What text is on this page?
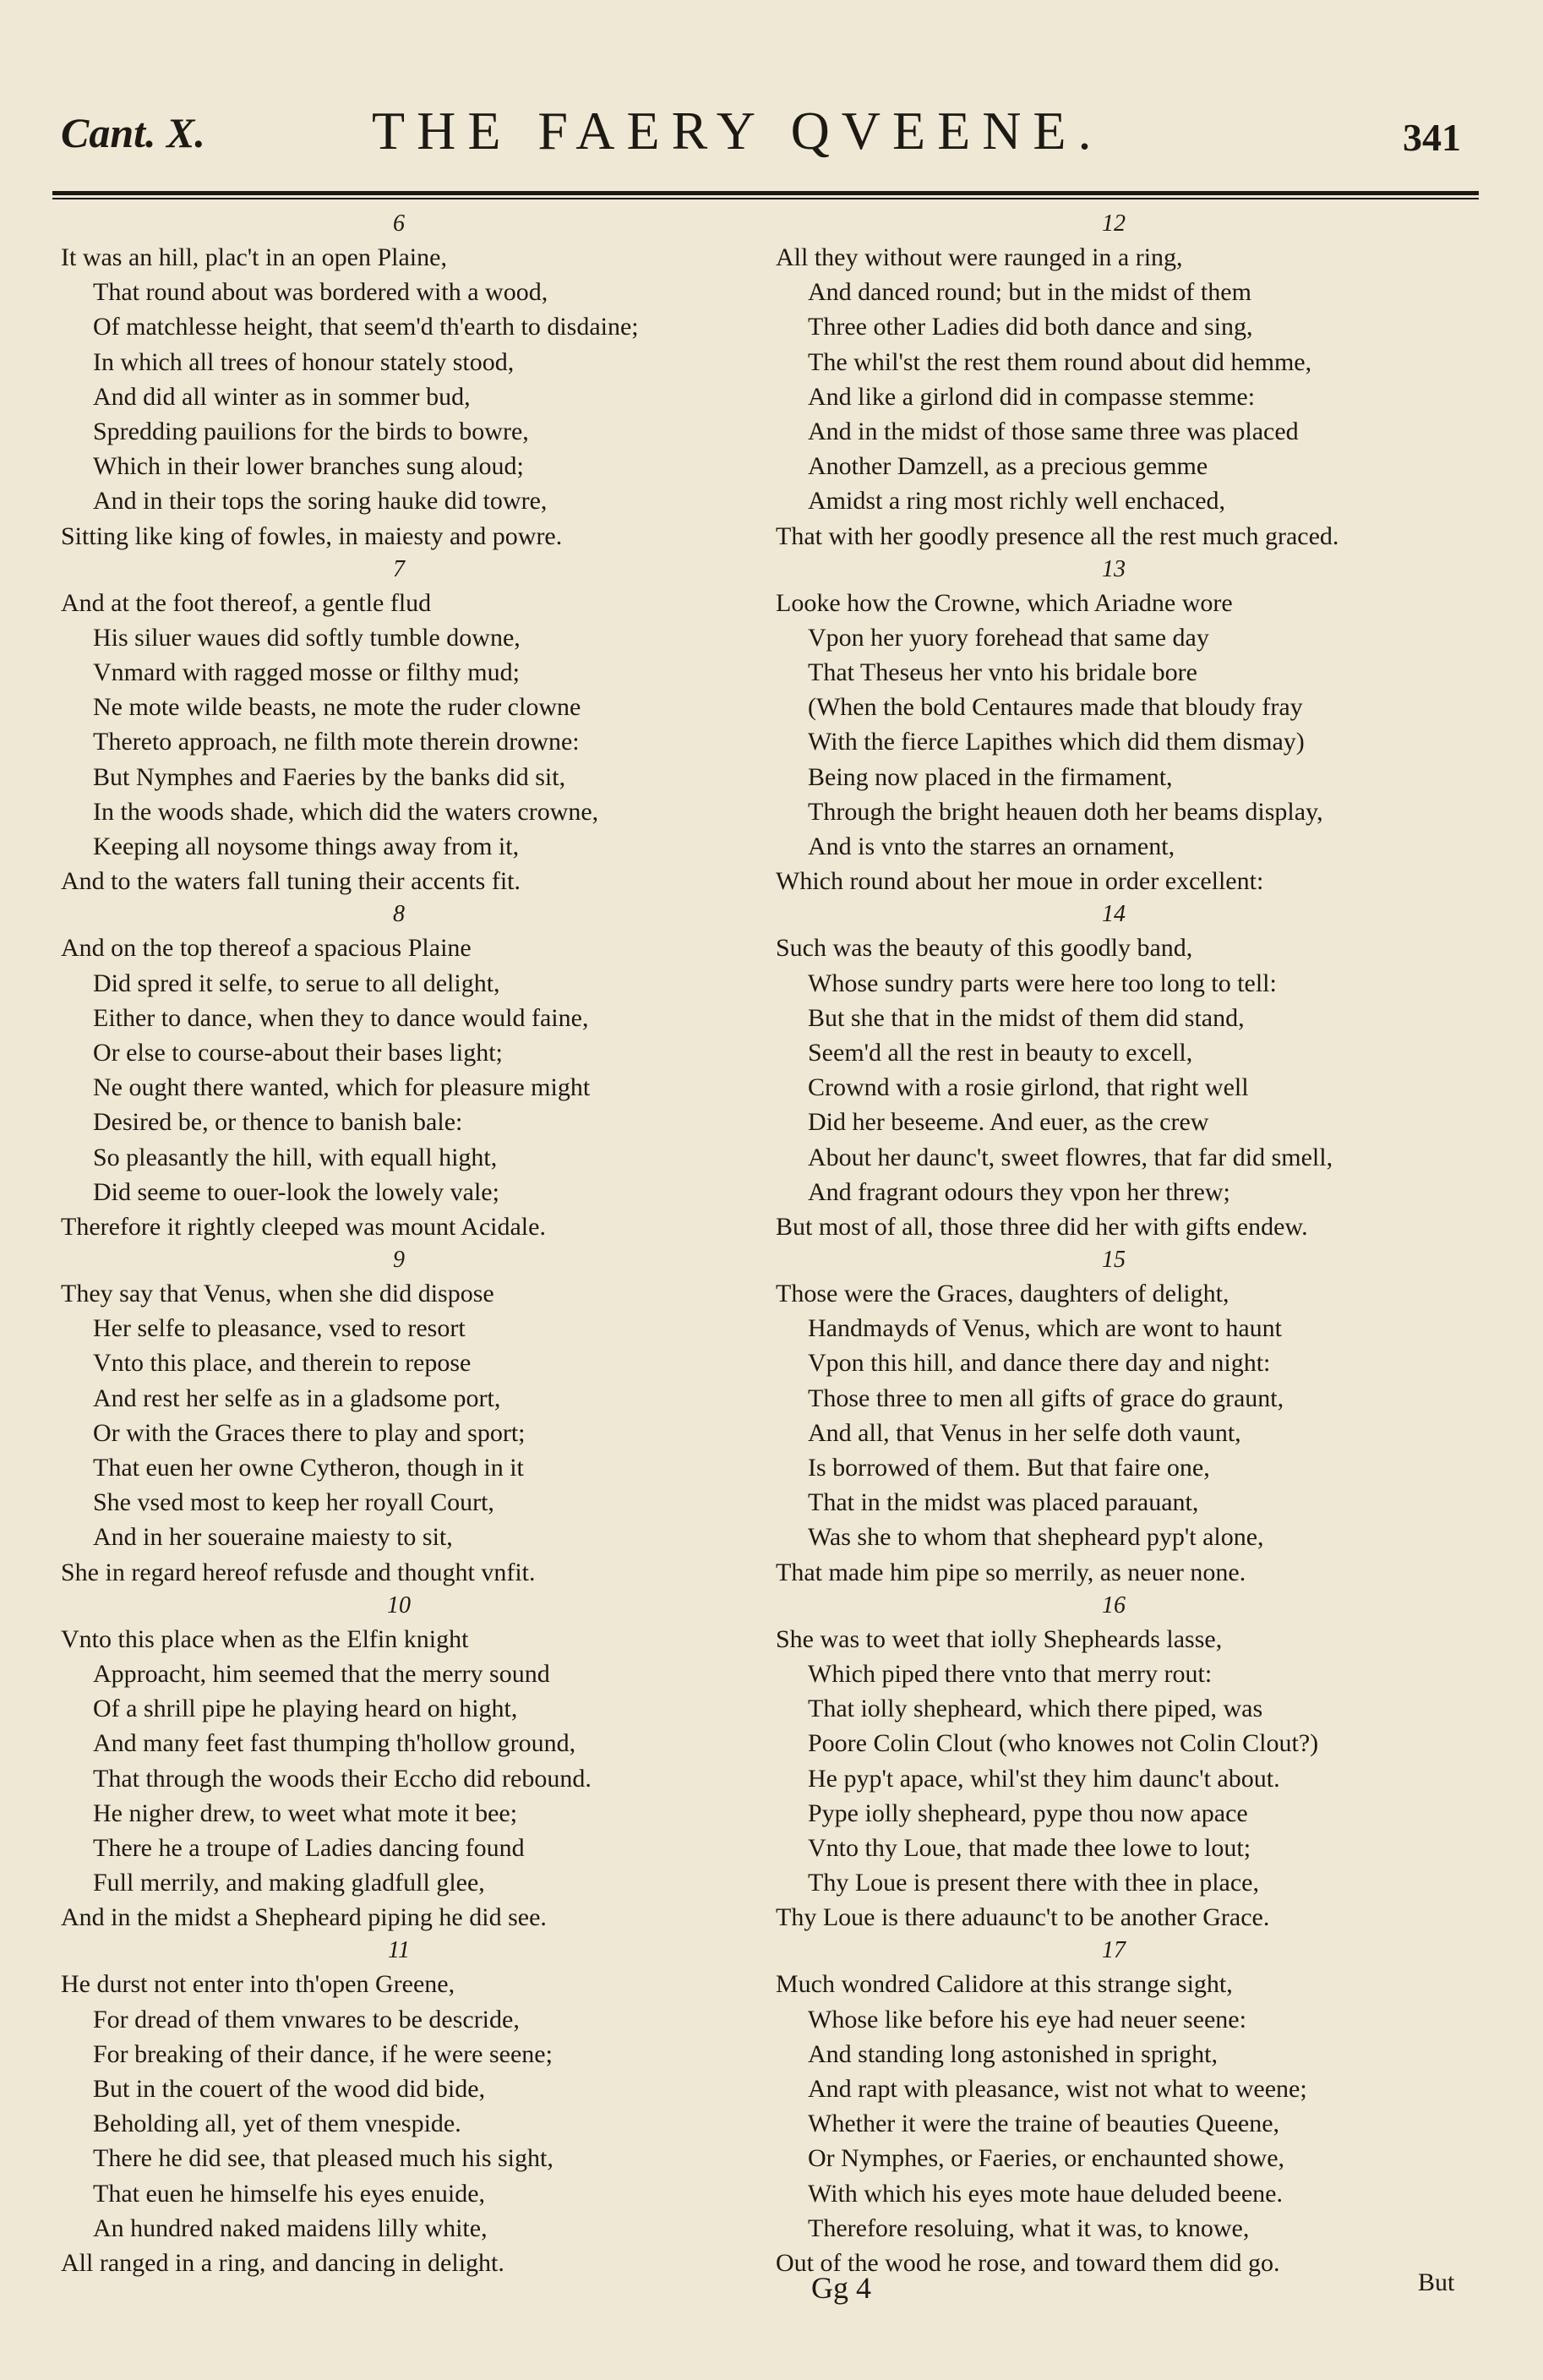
Cant. X.	THE FAERY QVEENE.	341
6
It was an hill, plac't in an open Plaine,
That round about was bordered with a wood,
Of matchlesse height, that seem'd th'earth to disdaine;
In which all trees of honour stately stood,
And did all winter as in sommer bud,
Spredding pauilions for the birds to bowre,
Which in their lower branches sung aloud;
And in their tops the soring hauke did towre,
Sitting like king of fowles, in maiesty and powre.
7
And at the foot thereof, a gentle flud
His siluer waues did softly tumble downe,
Vnmard with ragged mosse or filthy mud;
Ne mote wilde beasts, ne mote the ruder clowne
Thereto approach, ne filth mote therein drowne:
But Nymphes and Faeries by the banks did sit,
In the woods shade, which did the waters crowne,
Keeping all noysome things away from it,
And to the waters fall tuning their accents fit.
8
And on the top thereof a spacious Plaine
Did spred it selfe, to serue to all delight,
Either to dance, when they to dance would faine,
Or else to course-about their bases light;
Ne ought there wanted, which for pleasure might
Desired be, or thence to banish bale:
So pleasantly the hill, with equall hight,
Did seeme to ouer-look the lowely vale;
Therefore it rightly cleeped was mount Acidale.
9
They say that Venus, when she did dispose
Her selfe to pleasance, vsed to resort
Vnto this place, and therein to repose
And rest her selfe as in a gladsome port,
Or with the Graces there to play and sport;
That euen her owne Cytheron, though in it
She vsed most to keep her royall Court,
And in her soueraine maiesty to sit,
She in regard hereof refusde and thought vnfit.
10
Vnto this place when as the Elfin knight
Approacht, him seemed that the merry sound
Of a shrill pipe he playing heard on hight,
And many feet fast thumping th'hollow ground,
That through the woods their Eccho did rebound.
He nigher drew, to weet what mote it bee;
There he a troupe of Ladies dancing found
Full merrily, and making gladfull glee,
And in the midst a Shepheard piping he did see.
11
He durst not enter into th'open Greene,
For dread of them vnwares to be descride,
For breaking of their dance, if he were seene;
But in the couert of the wood did bide,
Beholding all, yet of them vnespide.
There he did see, that pleased much his sight,
That euen he himselfe his eyes enuide,
An hundred naked maidens lilly white,
All ranged in a ring, and dancing in delight.
12
All they without were raunged in a ring,
And danced round; but in the midst of them
Three other Ladies did both dance and sing,
The whil'st the rest them round about did hemme,
And like a girlond did in compasse stemme:
And in the midst of those same three was placed
Another Damzell, as a precious gemme
Amidst a ring most richly well enchaced,
That with her goodly presence all the rest much graced.
13
Looke how the Crowne, which Ariadne wore
Vpon her yuory forehead that same day
That Theseus her vnto his bridale bore
(When the bold Centaures made that bloudy fray
With the fierce Lapithes which did them dismay)
Being now placed in the firmament,
Through the bright heauen doth her beams display,
And is vnto the starres an ornament,
Which round about her moue in order excellent:
14
Such was the beauty of this goodly band,
Whose sundry parts were here too long to tell:
But she that in the midst of them did stand,
Seem'd all the rest in beauty to excell,
Crownd with a rosie girlond, that right well
Did her beseeme. And euer, as the crew
About her daunc't, sweet flowres, that far did smell,
And fragrant odours they vpon her threw;
But most of all, those three did her with gifts endew.
15
Those were the Graces, daughters of delight,
Handmayds of Venus, which are wont to haunt
Vpon this hill, and dance there day and night:
Those three to men all gifts of grace do graunt,
And all, that Venus in her selfe doth vaunt,
Is borrowed of them. But that faire one,
That in the midst was placed parauant,
Was she to whom that shepheard pyp't alone,
That made him pipe so merrily, as neuer none.
16
She was to weet that iolly Shepheards lasse,
Which piped there vnto that merry rout:
That iolly shepheard, which there piped, was
Poore Colin Clout (who knowes not Colin Clout?)
He pyp't apace, whil'st they him daunc't about.
Pype iolly shepheard, pype thou now apace
Vnto thy Loue, that made thee lowe to lout;
Thy Loue is present there with thee in place,
Thy Loue is there aduaunc't to be another Grace.
17
Much wondred Calidore at this strange sight,
Whose like before his eye had neuer seene:
And standing long astonished in spright,
And rapt with pleasance, wist not what to weene;
Whether it were the traine of beauties Queene,
Or Nymphes, or Faeries, or enchaunted showe,
With which his eyes mote haue deluded beene.
Therefore resoluing, what it was, to knowe,
Out of the wood he rose, and toward them did go.
Gg 4	But
